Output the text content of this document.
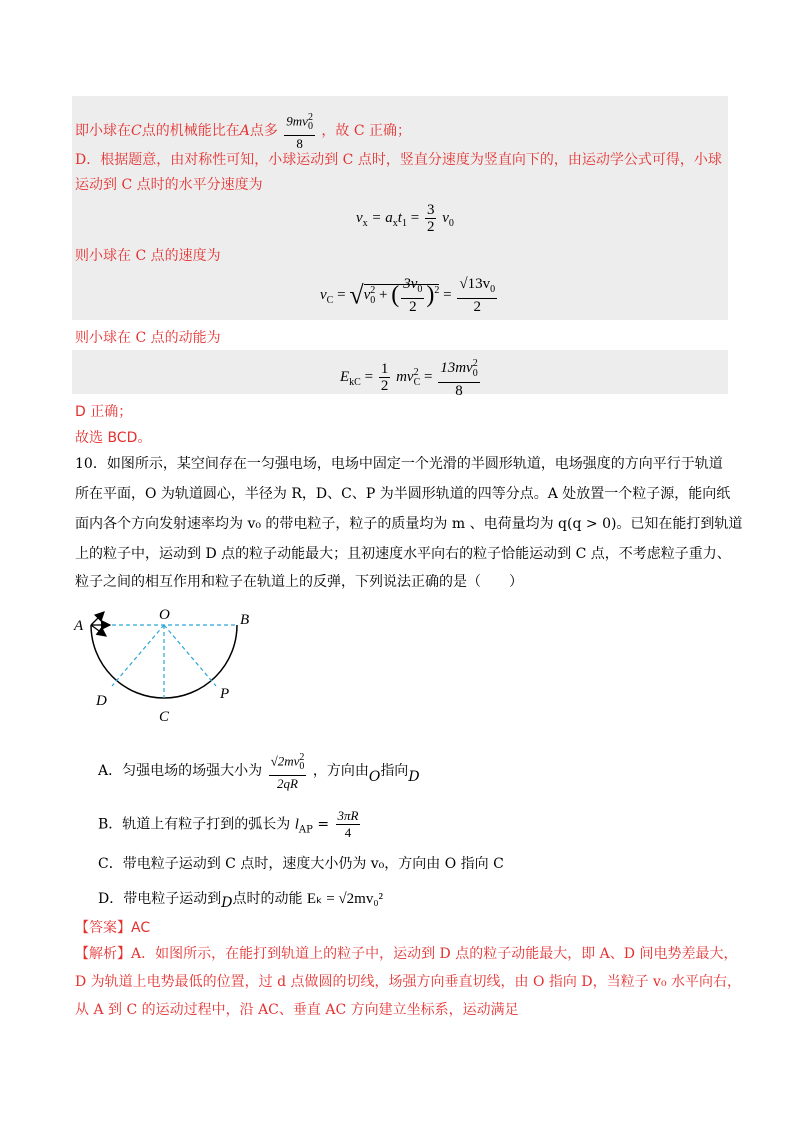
即小球在C点的机械能比在A点多 $\frac{9mv^2_0}{8}$ ，故 C 正确；
D．根据题意，由对称性可知，小球运动到 C 点时，竖直分速度为竖直向下的，由运动学公式可得，小球
运动到 C 点时的水平分速度为
$v_x = a_xt_1 = \frac{3}{2} v_0$
则小球在 C 点的速度为
$v_C = √v^2_0$ + ( $\frac{3v_0}{2} )^2 = \frac{√13v_0}{2}$
则小球在 C 点的动能为
$E_{kC} = \frac{1}{2} mv^2_C = \frac{13mv^2_0}{8}$
D 正确；
故选 BCD。
10．如图所示，某空间存在一匀强电场，电场中固定一个光滑的半圆形轨道，电场强度的方向平行于轨道
所在平面，O 为轨道圆心，半径为 R，D、C、P 为半圆形轨道的四等分点。A 处放置一个粒子源，能向纸
面内各个方向发射速率均为 v₀ 的带电粒子，粒子的质量均为 m 、电荷量均为 q(q > 0)。已知在能打到轨道
上的粒子中，运动到 D 点的粒子动能最大；且初速度水平向右的粒子恰能运动到 C 点，不考虑粒子重力、
粒子之间的相互作用和粒子在轨道上的反弹，下列说法正确的是（　　）
A
O	B
D
C
P
A．匀强电场的场强大小为 $\frac{√2mv^2_0}{2qR}$ ，方向由O指向D
B．轨道上有粒子打到的弧长为 $l_{AP} = \frac{3\pi R}{4}$
C．带电粒子运动到 C 点时，速度大小仍为 v₀，方向由 O 指向 C
D．带电粒子运动到D点时的动能 Eₖ = √2mv₀²
【答案】AC
【解析】A．如图所示，在能打到轨道上的粒子中，运动到 D 点的粒子动能最大，即 A、D 间电势差最大，
D 为轨道上电势最低的位置，过 d 点做圆的切线，场强方向垂直切线，由 O 指向 D，当粒子 v₀ 水平向右，
从 A 到 C 的运动过程中，沿 AC、垂直 AC 方向建立坐标系，运动满足
